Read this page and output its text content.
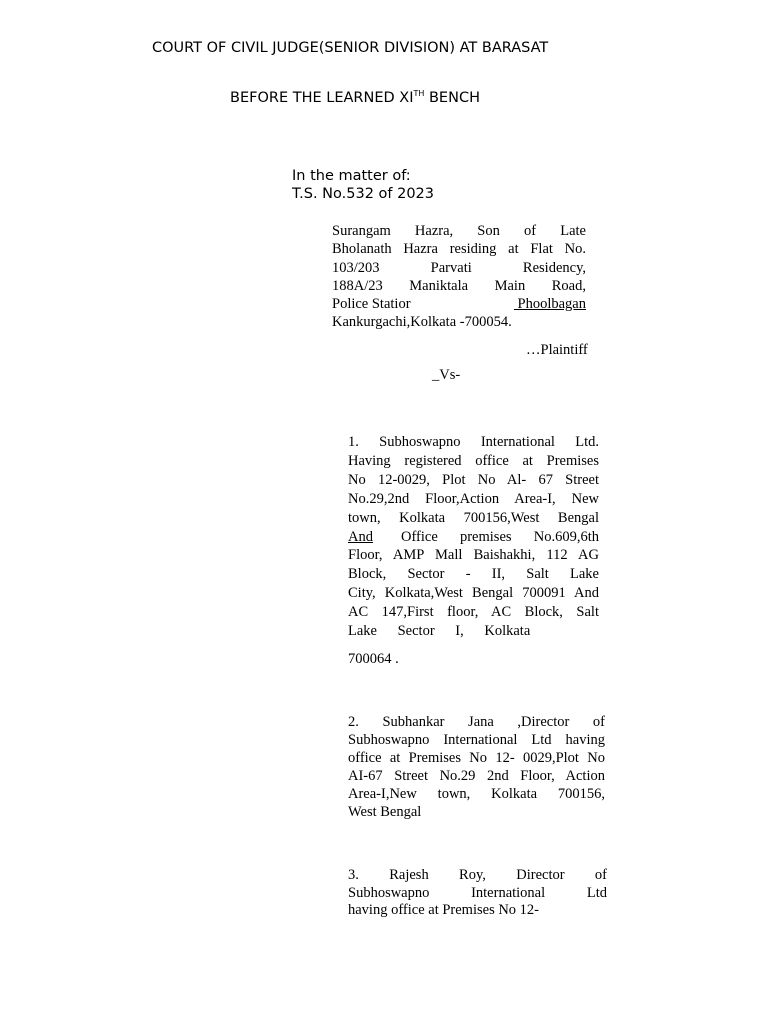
COURT OF CIVIL JUDGE(SENIOR DIVISION) AT BARASAT
BEFORE THE LEARNED XITH BENCH
In the matter of:
T.S. No.532 of 2023
Surangam Hazra, Son of Late
Bholanath Hazra residing at Flat No.
103/203 Parvati Residency,
188A/23 Maniktala Main Road,
Police Statior	Phoolbagan
Kankurgachi,Kolkata -700054.
…Plaintiff
_Vs-
1. Subhoswapno International Ltd.
Having registered office at Premises
No 12-0029, Plot No Al- 67 Street
No.29,2nd Floor,Action Area-I, New
town, Kolkata 700156,West Bengal
And Office premises No.609,6th
Floor, AMP Mall Baishakhi, 112 AG
Block, Sector - II, Salt Lake
City, Kolkata,West Bengal 700091 And
AC 147,First floor, AC Block, Salt
Lake Sector I, Kolkata
700064 .
2. Subhankar Jana ,Director of
Subhoswapno International Ltd having
office at Premises No 12- 0029,Plot No
AI-67 Street No.29 2nd Floor, Action
Area-I,New town, Kolkata 700156,
West Bengal
3. Rajesh Roy, Director of
Subhoswapno International Ltd
having office at Premises No 12-
